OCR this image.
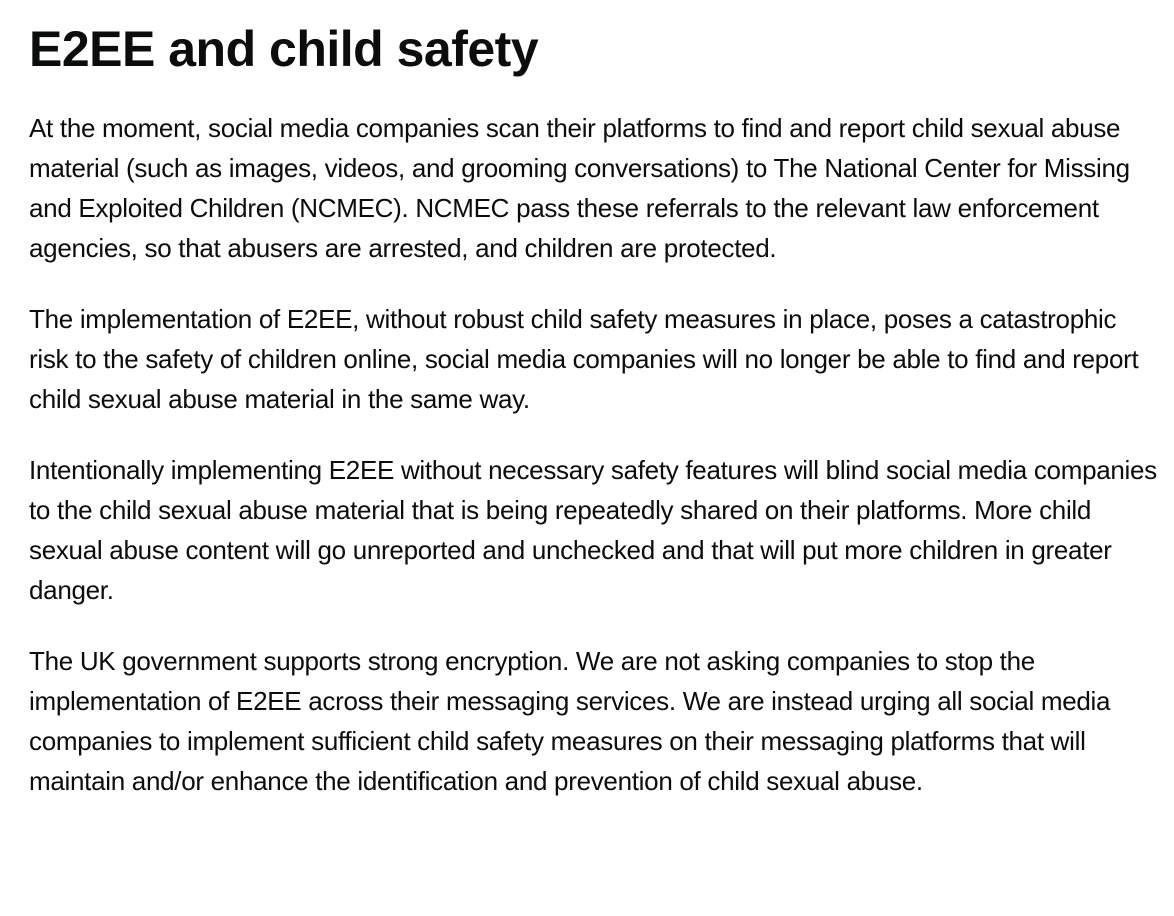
E2EE and child safety

At the moment, social media companies scan their platforms to find and report child sexual abuse material (such as images, videos, and grooming conversations) to The National Center for Missing and Exploited Children (NCMEC). NCMEC pass these referrals to the relevant law enforcement agencies, so that abusers are arrested, and children are protected.

The implementation of E2EE, without robust child safety measures in place, poses a catastrophic risk to the safety of children online, social media companies will no longer be able to find and report child sexual abuse material in the same way.

Intentionally implementing E2EE without necessary safety features will blind social media companies to the child sexual abuse material that is being repeatedly shared on their platforms. More child sexual abuse content will go unreported and unchecked and that will put more children in greater danger.

The UK government supports strong encryption. We are not asking companies to stop the implementation of E2EE across their messaging services. We are instead urging all social media companies to implement sufficient child safety measures on their messaging platforms that will maintain and/or enhance the identification and prevention of child sexual abuse.
